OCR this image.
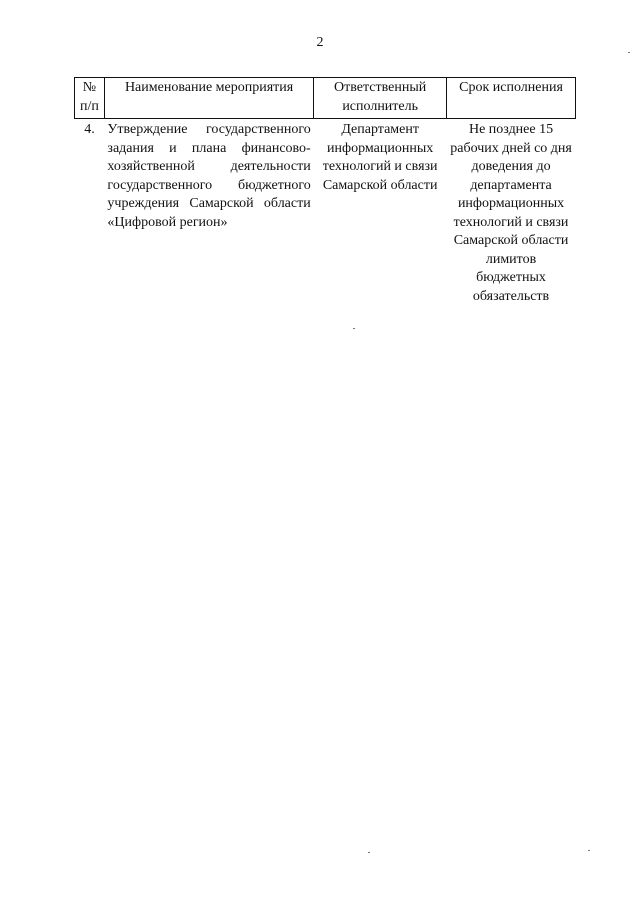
2
№ п/п	Наименование мероприятия	Ответственный исполнитель	Срок исполнения
4.	Утверждение государственного задания и плана финансово-хозяйственной деятельности государственного бюджетного учреждения Самарской области «Цифровой регион»	Департамент информационных технологий и связи Самарской области	Не позднее 15 рабочих дней со дня доведения до департамента информационных технологий и связи Самарской области лимитов бюджетных обязательств
